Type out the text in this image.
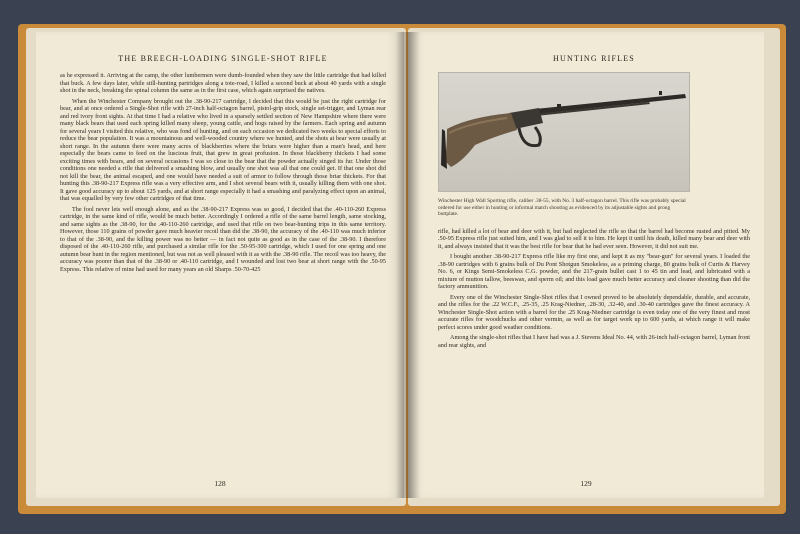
THE BREECH-LOADING SINGLE-SHOT RIFLE

as he expressed it. Arriving at the camp, the other lumbermen were dumb-founded when they saw the little cartridge that had killed that buck. A few days later, while still-hunting partridges along a tote-road, I killed a second buck at about 40 yards with a single shot in the neck, breaking the spinal column the same as in the first case, which again surprised the natives.

When the Winchester Company brought out the .38-90-217 cartridge, I decided that this would be just the right cartridge for bear, and at once ordered a Single-Shot rifle with 27-inch half-octagon barrel, pistol-grip stock, single set-trigger, and Lyman rear and red ivory front sights. At that time I had a relative who lived in a sparsely settled section of New Hampshire where there were many black bears that used each spring killed many sheep, young cattle, and hogs raised by the farmers. Each spring and autumn for several years I visited this relative, who was fond of hunting, and on each occasion we dedicated two weeks to special efforts to reduce the bear population. It was a mountainous and well-wooded country where we hunted, and the shots at bear were usually at short range. In the autumn there were many acres of blackberries where the briars were higher than a man's head, and here especially the bears came to feed on the luscious fruit, that grew in great profusion. In those blackberry thickets I had some exciting times with bears, and on several occasions I was so close to the bear that the powder actually singed its fur. Under those conditions one needed a rifle that delivered a smashing blow, and usually one shot was all that one could get. If that one shot did not kill the bear, the animal escaped, and one would have needed a suit of armor to follow through those briar thickets. For that hunting this .38-90-217 Express rifle was a very effective arm, and I shot several bears with it, usually killing them with one shot. It gave good accuracy up to about 125 yards, and at short range especially it had a smashing and paralyzing effect upon an animal, that was equalled by very few other cartridges of that time.

The fool never lets well enough alone, and as the .38-90-217 Express was so good, I decided that the .40-110-260 Express cartridge, in the same kind of rifle, would be much better. Accordingly I ordered a rifle of the same barrel length, same stocking, and same sights as the .38-90, for the .40-110-260 cartridge, and used that rifle on two bear-hunting trips in this same territory. However, those 110 grains of powder gave much heavier recoil than did the .38-90, the accuracy of the .40-110 was much inferior to that of the .38-90, and the killing power was no better — in fact not quite as good as in the case of the .38-90. I therefore disposed of the .40-110-260 rifle, and purchased a similar rifle for the .50-95-300 cartridge, which I used for one spring and one autumn bear hunt in the region mentioned, but was not as well pleased with it as with the .38-90 rifle. The recoil was too heavy, the accuracy was poorer than that of the .38-90 or .40-110 cartridge, and I wounded and lost two bear at short range with the .50-95 Express. This relative of mine had used for many years an old Sharps .50-70-425

128
HUNTING RIFLES
Winchester High Wall Sporting rifle, caliber .38-55, with No. 3 half-octagon barrel. This rifle was probably special ordered for use either in hunting or informal match shooting as evidenced by its adjustable sights and prong buttplate.

rifle, had killed a lot of bear and deer with it, but had neglected the rifle so that the barrel had become rusted and pitted. My .50-95 Express rifle just suited him, and I was glad to sell it to him. He kept it until his death, killed many bear and deer with it, and always insisted that it was the best rifle for bear that he had ever seen. However, it did not suit me.

I bought another .38-90-217 Express rifle like my first one, and kept it as my "bear-gun" for several years. I loaded the .38-90 cartridges with 6 grains bulk of Du Pont Shotgun Smokeless, as a priming charge, 80 grains bulk of Curtis & Harvey No. 6, or Kings Semi-Smokeless C.G. powder, and the 217-grain bullet cast 1 to 45 tin and lead, and lubricated with a mixture of mutton tallow, beeswax, and sperm oil; and this load gave much better accuracy and cleaner shooting than did the factory ammunition.

Every one of the Winchester Single-Shot rifles that I owned proved to be absolutely dependable, durable, and accurate, and the rifles for the .22 W.C.F., .25-35, .25 Krag-Niedner, .28-30, .32-40, and .30-40 cartridges gave the finest accuracy. A Winchester Single-Shot action with a barrel for the .25 Krag-Niedner cartridge is even today one of the very finest and most accurate rifles for woodchucks and other vermin, as well as for target work up to 600 yards, at which range it will make perfect scores under good weather conditions.

Among the single-shot rifles that I have had was a J. Stevens Ideal No. 44, with 26-inch half-octagon barrel, Lyman front and rear sights, and

129
